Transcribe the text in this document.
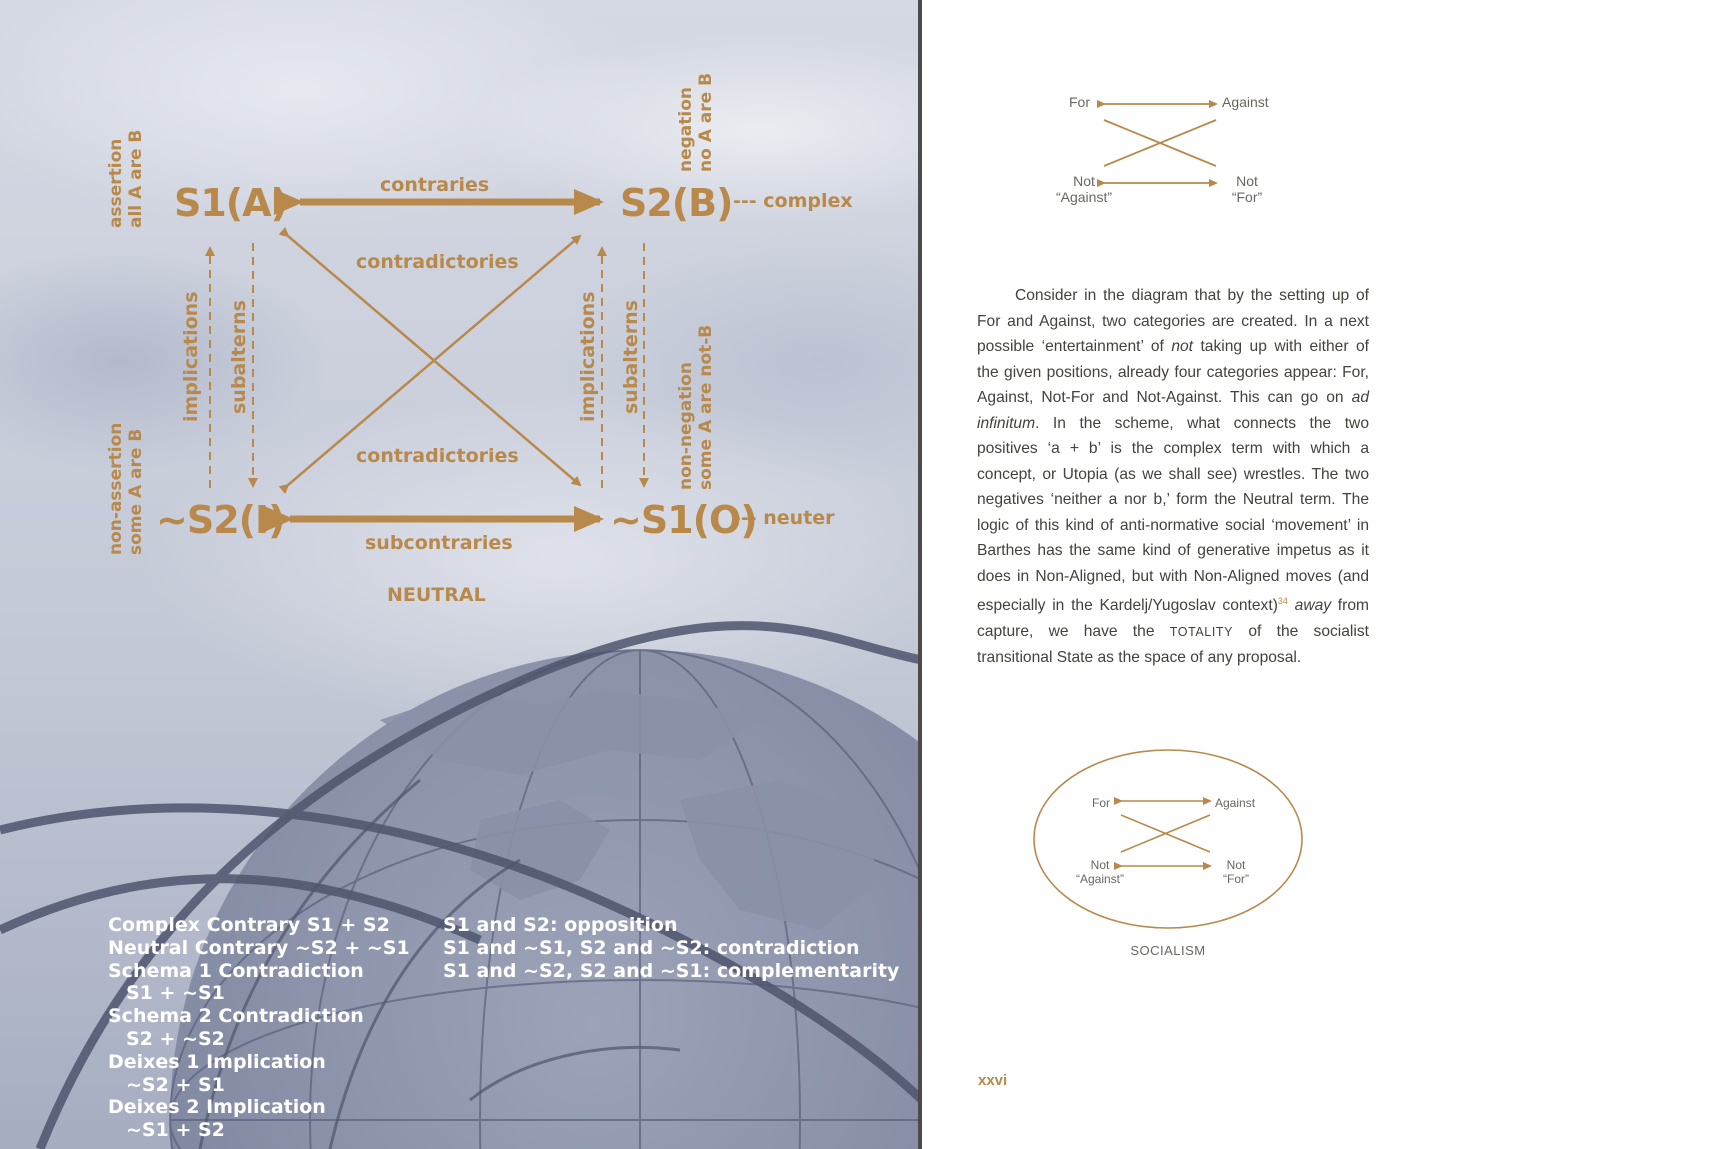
S1(A)	S2(B)
~S2(I)	~S1(O)
contraries
contradictories
contradictories
subcontraries
--- complex
--- neuter
NEUTRAL
implications subalterns	implications subalterns
assertion all A are B
negation no A are B
non-assertion some A are B
non-negation some A are not-B
Complex Contrary S1 + S2
Neutral Contrary ~S2 + ~S1
Schema 1 Contradiction
S1 + ~S1
Schema 2 Contradiction
S2 + ~S2
Deixes 1 Implication
~S2 + S1
Deixes 2 Implication
~S1 + S2
S1 and S2: opposition
S1 and ~S1, S2 and ~S2: contradiction
S1 and ~S2, S2 and ~S1: complementarity
For	Against
Not
“Against”
Not
“For”

Consider in the diagram that by the setting up of For and Against, two categories are created. In a next possible ‘entertainment’ of not taking up with either of the given positions, already four categories appear: For, Against, Not-For and Not-Against. This can go on ad infinitum. In the scheme, what connects the two positives ‘a + b’ is the complex term with which a concept, or Utopia (as we shall see) wrestles. The two negatives ‘neither a nor b,’ form the Neutral term. The logic of this kind of anti-normative social ‘movement’ in Barthes has the same kind of generative impetus as it does in Non-Aligned, but with Non-Aligned moves (and especially in the Kardelj/Yugoslav context)$^{34}$ away from capture, we have the TOTALITY of the socialist transitional State as the space of any proposal.

For	Against
Not
“Against”
Not
“For”
SOCIALISM
xxvi
